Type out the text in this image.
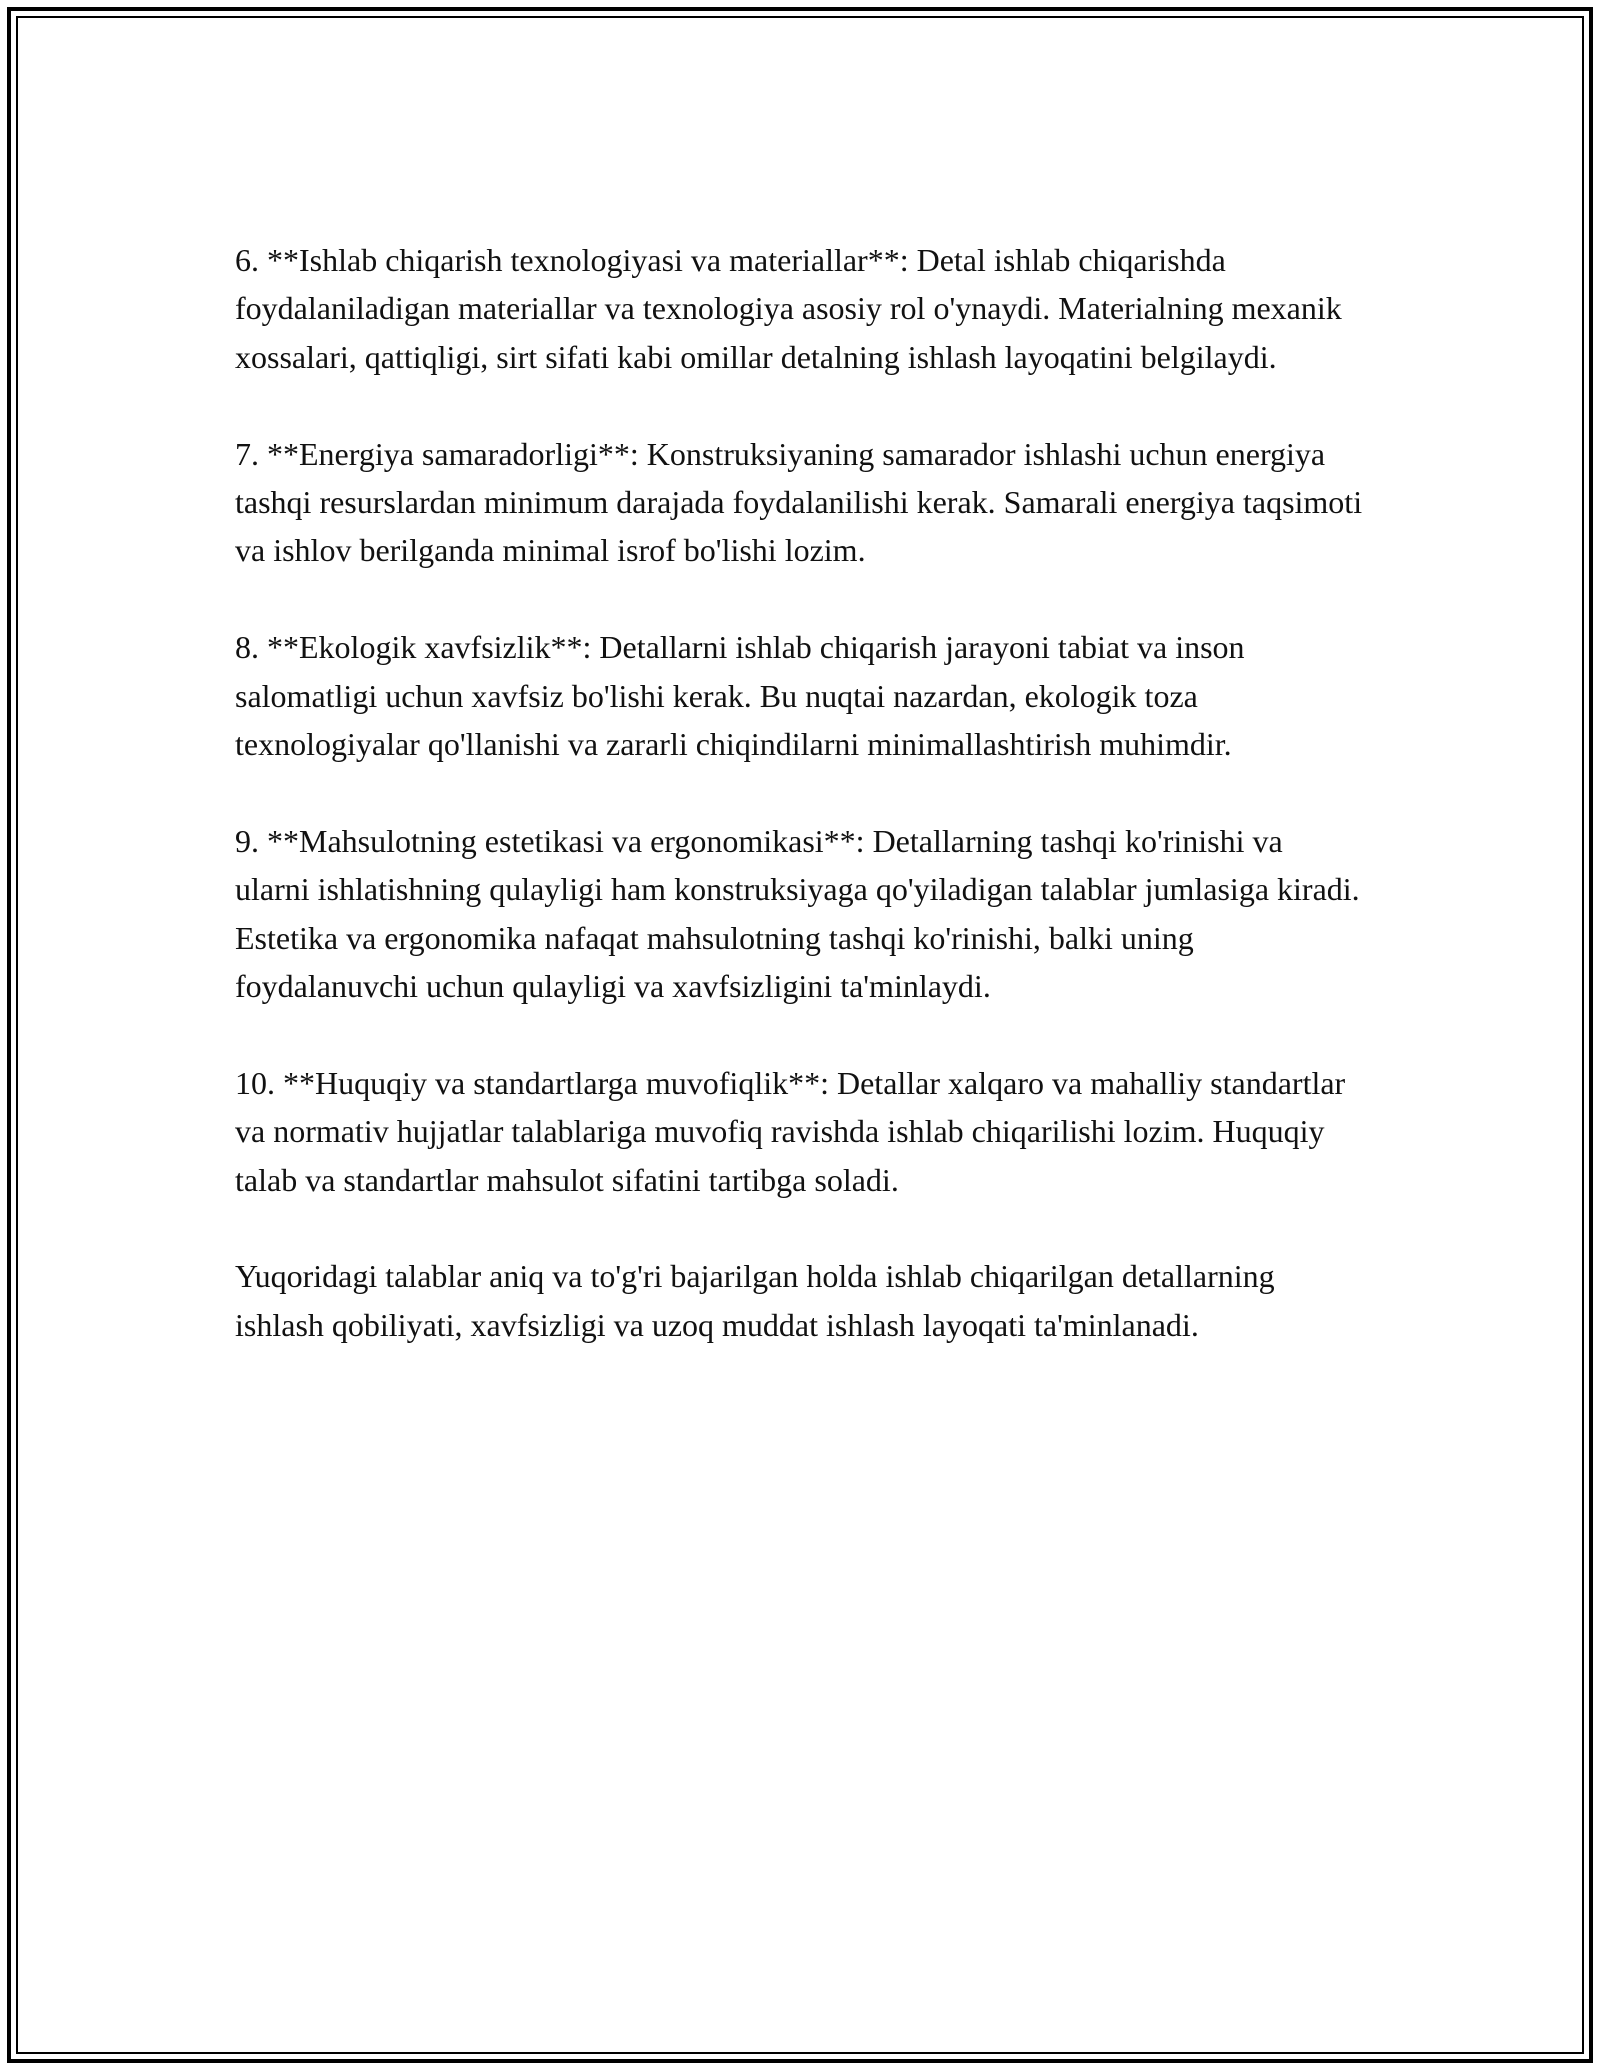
6. **Ishlab chiqarish texnologiyasi va materiallar**: Detal ishlab chiqarishda foydalaniladigan materiallar va texnologiya asosiy rol o'ynaydi. Materialning mexanik xossalari, qattiqligi, sirt sifati kabi omillar detalning ishlash layoqatini belgilaydi.

7. **Energiya samaradorligi**: Konstruksiyaning samarador ishlashi uchun energiya tashqi resurslardan minimum darajada foydalanilishi kerak. Samarali energiya taqsimoti va ishlov berilganda minimal isrof bo'lishi lozim.

8. **Ekologik xavfsizlik**: Detallarni ishlab chiqarish jarayoni tabiat va inson salomatligi uchun xavfsiz bo'lishi kerak. Bu nuqtai nazardan, ekologik toza texnologiyalar qo'llanishi va zararli chiqindilarni minimallashtirish muhimdir.

9. **Mahsulotning estetikasi va ergonomikasi**: Detallarning tashqi ko'rinishi va ularni ishlatishning qulayligi ham konstruksiyaga qo'yiladigan talablar jumlasiga kiradi. Estetika va ergonomika nafaqat mahsulotning tashqi ko'rinishi, balki uning foydalanuvchi uchun qulayligi va xavfsizligini ta'minlaydi.

10. **Huquqiy va standartlarga muvofiqlik**: Detallar xalqaro va mahalliy standartlar va normativ hujjatlar talablariga muvofiq ravishda ishlab chiqarilishi lozim. Huquqiy talab va standartlar mahsulot sifatini tartibga soladi.

Yuqoridagi talablar aniq va to'g'ri bajarilgan holda ishlab chiqarilgan detallarning ishlash qobiliyati, xavfsizligi va uzoq muddat ishlash layoqati ta'minlanadi.
